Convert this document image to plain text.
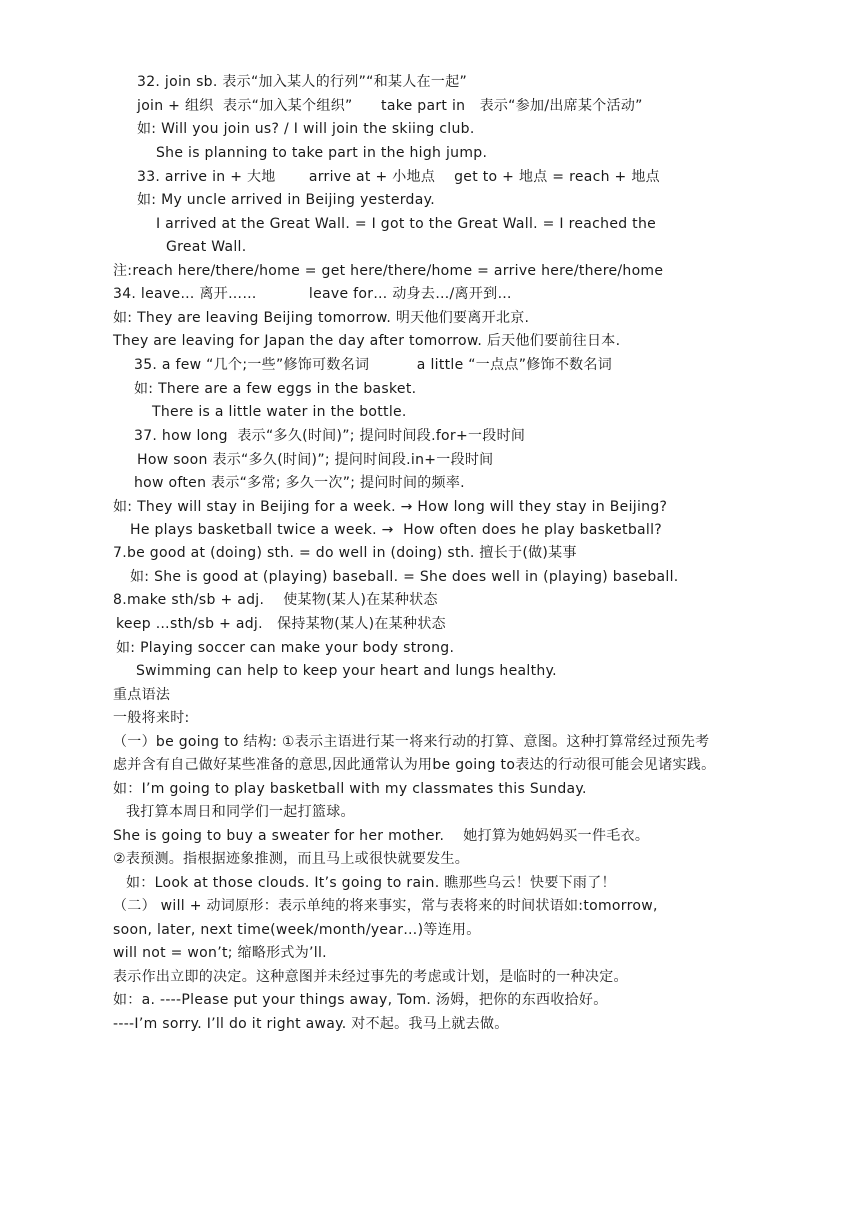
32. join sb. 表示“加入某人的行列”“和某人在一起”
join + 组织  表示“加入某个组织”      take part in   表示“参加/出席某个活动”
如: Will you join us? / I will join the skiing club.
She is planning to take part in the high jump.
33. arrive in + 大地       arrive at + 小地点    get to + 地点 = reach + 地点
如: My uncle arrived in Beijing yesterday.
I arrived at the Great Wall. = I got to the Great Wall. = I reached the
Great Wall.
注:reach here/there/home = get here/there/home = arrive here/there/home
34. leave… 离开……           leave for… 动身去…/离开到…
如: They are leaving Beijing tomorrow. 明天他们要离开北京.
They are leaving for Japan the day after tomorrow. 后天他们要前往日本.
35. a few “几个;一些”修饰可数名词          a little “一点点”修饰不数名词
如: There are a few eggs in the basket.
There is a little water in the bottle.
37. how long  表示“多久(时间)”; 提问时间段.for+一段时间
How soon 表示“多久(时间)”; 提问时间段.in+一段时间
how often 表示“多常; 多久一次”; 提问时间的频率.
如: They will stay in Beijing for a week. → How long will they stay in Beijing?
He plays basketball twice a week. →  How often does he play basketball?
7.be good at (doing) sth. = do well in (doing) sth. 擅长于(做)某事
如: She is good at (playing) baseball. = She does well in (playing) baseball.
8.make sth/sb + adj.    使某物(某人)在某种状态
keep …sth/sb + adj.   保持某物(某人)在某种状态
如: Playing soccer can make your body strong.
Swimming can help to keep your heart and lungs healthy.
重点语法
一般将来时:
（一）be going to 结构: ①表示主语进行某一将来行动的打算、意图。这种打算常经过预先考
虑并含有自己做好某些准备的意思,因此通常认为用be going to表达的行动很可能会见诸实践。
如：I’m going to play basketball with my classmates this Sunday.
我打算本周日和同学们一起打篮球。
She is going to buy a sweater for her mother.    她打算为她妈妈买一件毛衣。
②表预测。指根据迹象推测，而且马上或很快就要发生。
如：Look at those clouds. It’s going to rain. 瞧那些乌云！快要下雨了！
（二） will + 动词原形：表示单纯的将来事实，常与表将来的时间状语如:tomorrow,
soon, later, next time(week/month/year…)等连用。
will not = won’t; 缩略形式为’ll.
表示作出立即的决定。这种意图并未经过事先的考虑或计划，是临时的一种决定。
如：a. ----Please put your things away, Tom. 汤姆，把你的东西收拾好。
----I’m sorry. I’ll do it right away. 对不起。我马上就去做。
